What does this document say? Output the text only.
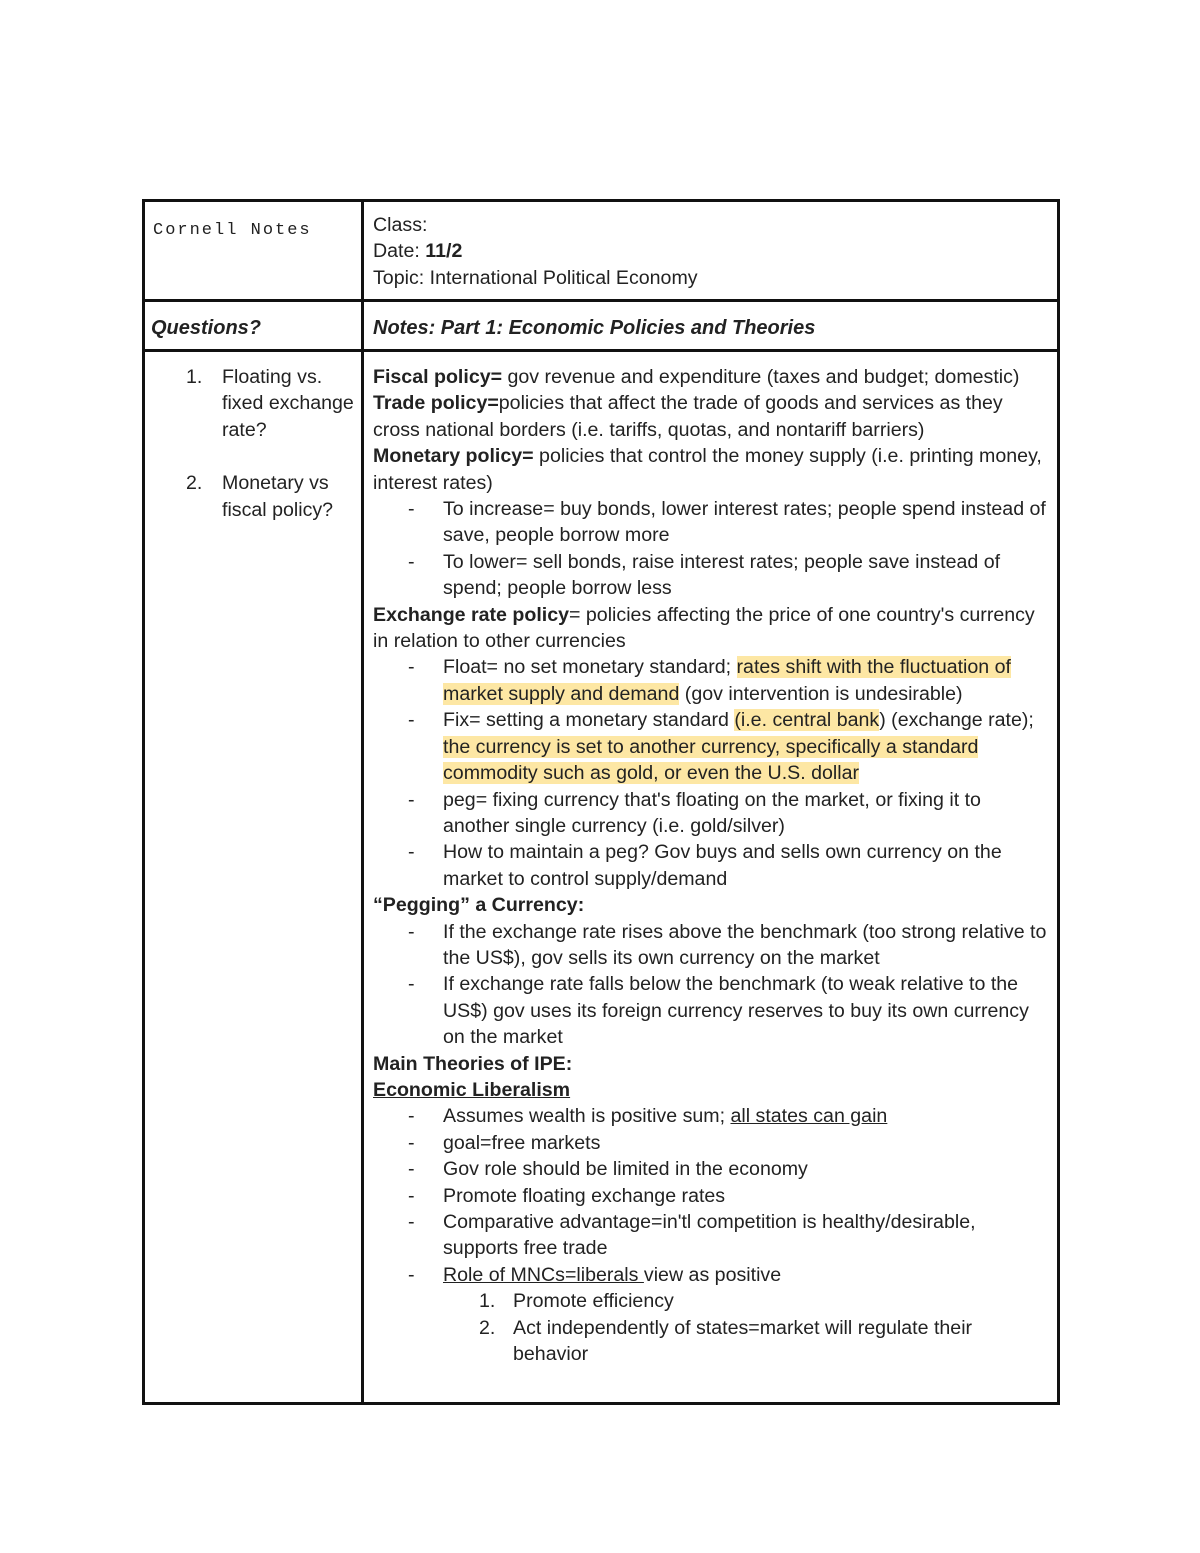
Cornell Notes	Class:
Date: 11/2
Topic: International Political Economy
Questions?	Notes: Part 1: Economic Policies and Theories
1. Floating vs. fixed exchange rate?
2. Monetary vs fiscal policy?
Fiscal policy= gov revenue and expenditure (taxes and budget; domestic)
Trade policy=policies that affect the trade of goods and services as they cross national borders (i.e. tariffs, quotas, and nontariff barriers)
Monetary policy= policies that control the money supply (i.e. printing money, interest rates)
- To increase= buy bonds, lower interest rates; people spend instead of save, people borrow more
- To lower= sell bonds, raise interest rates; people save instead of spend; people borrow less
Exchange rate policy= policies affecting the price of one country's currency in relation to other currencies
- Float= no set monetary standard; rates shift with the fluctuation of market supply and demand (gov intervention is undesirable)
- Fix= setting a monetary standard (i.e. central bank) (exchange rate); the currency is set to another currency, specifically a standard commodity such as gold, or even the U.S. dollar
- peg= fixing currency that's floating on the market, or fixing it to another single currency (i.e. gold/silver)
- How to maintain a peg? Gov buys and sells own currency on the market to control supply/demand
“Pegging” a Currency:
- If the exchange rate rises above the benchmark (too strong relative to the US$), gov sells its own currency on the market
- If exchange rate falls below the benchmark (to weak relative to the US$) gov uses its foreign currency reserves to buy its own currency on the market
Main Theories of IPE:
Economic Liberalism
- Assumes wealth is positive sum; all states can gain
- goal=free markets
- Gov role should be limited in the economy
- Promote floating exchange rates
- Comparative advantage=in'tl competition is healthy/desirable, supports free trade
- Role of MNCs=liberals view as positive
1. Promote efficiency
2. Act independently of states=market will regulate their behavior
